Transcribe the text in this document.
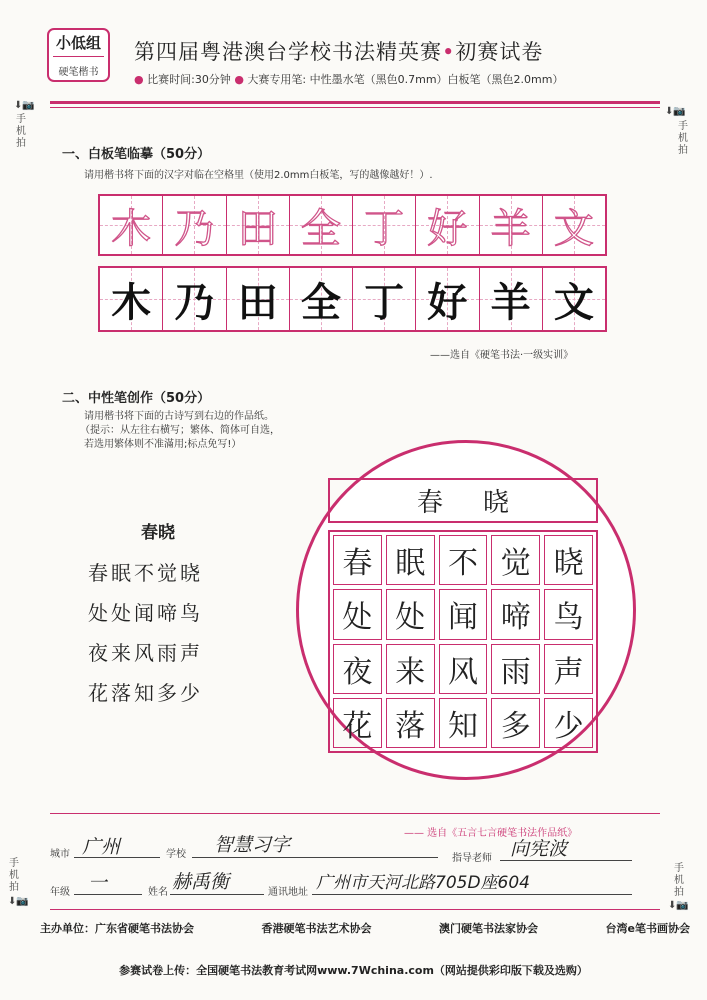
小低组
硬笔楷书
第四届粤港澳台学校书法精英赛•初赛试卷
● 比赛时间:30分钟 ● 大赛专用笔: 中性墨水笔（黑色0.7mm）白板笔（黑色2.0mm）
⬇📷
手机拍
⬇📷
手机拍
手机拍
⬇📷
手机拍
⬇📷
一、白板笔临摹（50分）
请用楷书将下面的汉字对临在空格里（使用2.0mm白板笔，写的越像越好！）.
木 乃 田 全 丁 好 羊 文
木 乃 田 全 丁 好 羊 文
——选自《硬笔书法·一级实训》
二、中性笔创作（50分）
请用楷书将下面的古诗写到右边的作品纸。
（提示：从左往右横写；繁体、简体可自选，
若选用繁体则不准滿用;标点免写!）
春晓
春眠不觉晓
处处闻啼鸟
夜来风雨声
花落知多少
春晓
春 眠 不 觉 晓
处 处 闻 啼 鸟
夜 来 风 雨 声
花 落 知 多 少
—— 选自《五言七言硬笔书法作品纸》
城市 广州	学校 智慧习字
指导老师 向宪波
年级 一	姓名 赫禹衡	通讯地址 广州市天河北路705D座604
主办单位：广东省硬笔书法协会	香港硬笔书法艺术协会	澳门硬笔书法家协会	台湾e笔书画协会
参赛试卷上传：全国硬笔书法教育考试网www.7Wchina.com（网站提供彩印版下载及选购）
